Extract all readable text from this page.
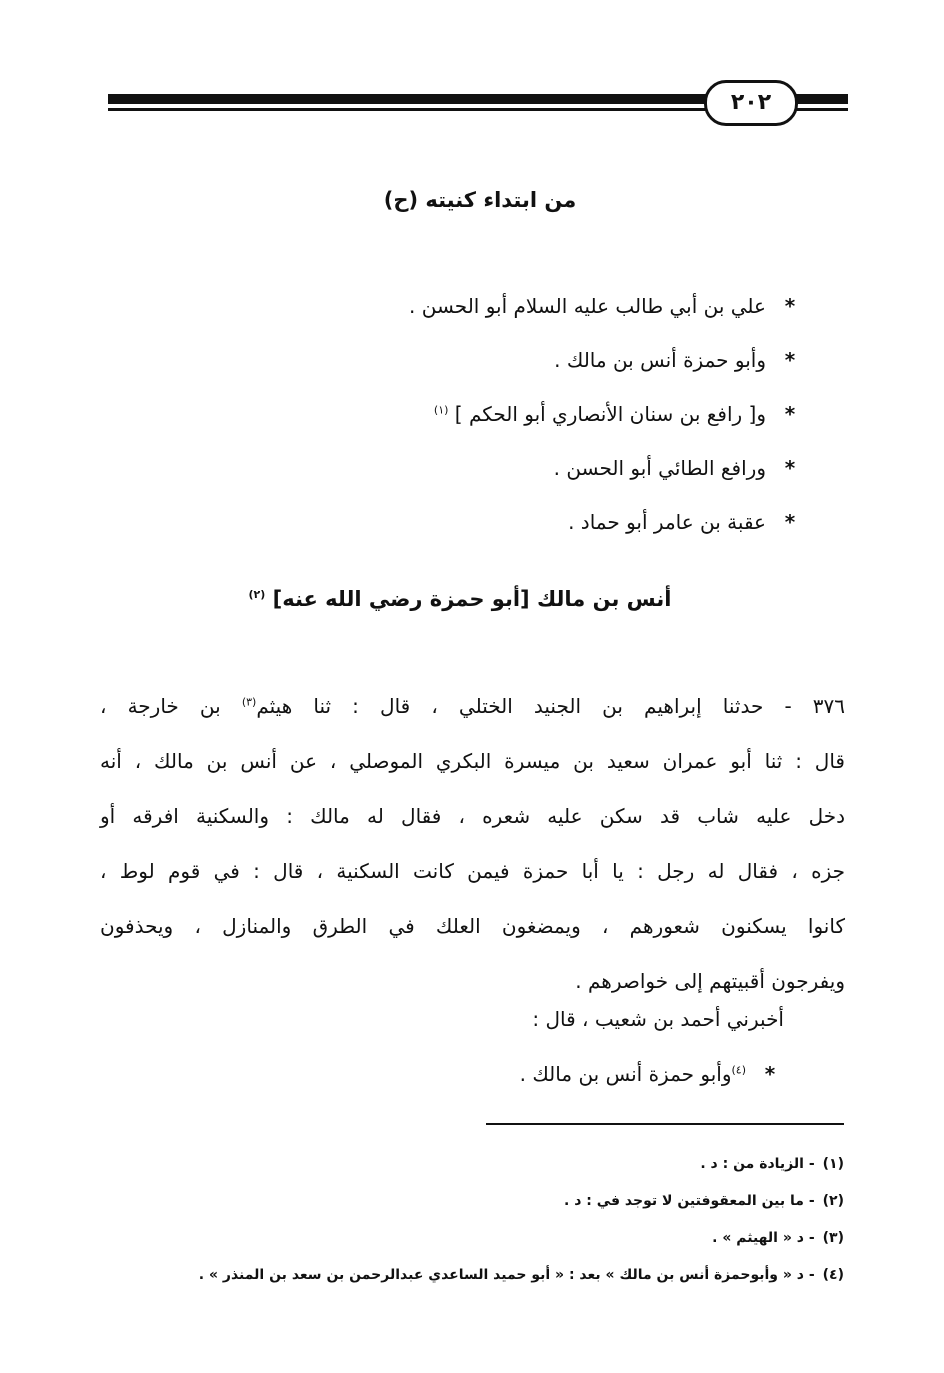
٢٠٢
من ابتداء كنيته (ح)
*علي بن أبي طالب عليه السلام أبو الحسن .
*وأبو حمزة أنس بن مالك .
*و[ رافع بن سنان الأنصاري أبو الحكم ] $^{(١)}$
*ورافع الطائي أبو الحسن .
*عقبة بن عامر أبو حماد .
أنس بن مالك [أبو حمزة رضي الله عنه] $^{(٢)}$
٣٧٦ - حدثنا إبراهيم بن الجنيد الختلي ، قال : ثنا هيثم$^{(٣)}$ بن خارجة ،
قال : ثنا أبو عمران سعيد بن ميسرة البكري الموصلي ، عن أنس بن مالك ، أنه
دخل عليه شاب قد سكن عليه شعره ، فقال له مالك : والسكنية افرقه أو
جزه ، فقال له رجل : يا أبا حمزة فيمن كانت السكنية ، قال : في قوم لوط ،
كانوا يسكنون شعورهم ، ويمضغون العلك في الطرق والمنازل ، ويحذفون
ويفرجون أقبيتهم إلى خواصرهم .
أخبرني أحمد بن شعيب ، قال :
*$^{(٤)}$وأبو حمزة أنس بن مالك .
(١)- الزيادة من : د .
(٢)- ما بين المعقوفتين لا توجد في : د .
(٣)- د « الهيثم » .
(٤)- د « وأبوحمزة أنس بن مالك » بعد : « أبو حميد الساعدي عبدالرحمن بن سعد بن المنذر » .
